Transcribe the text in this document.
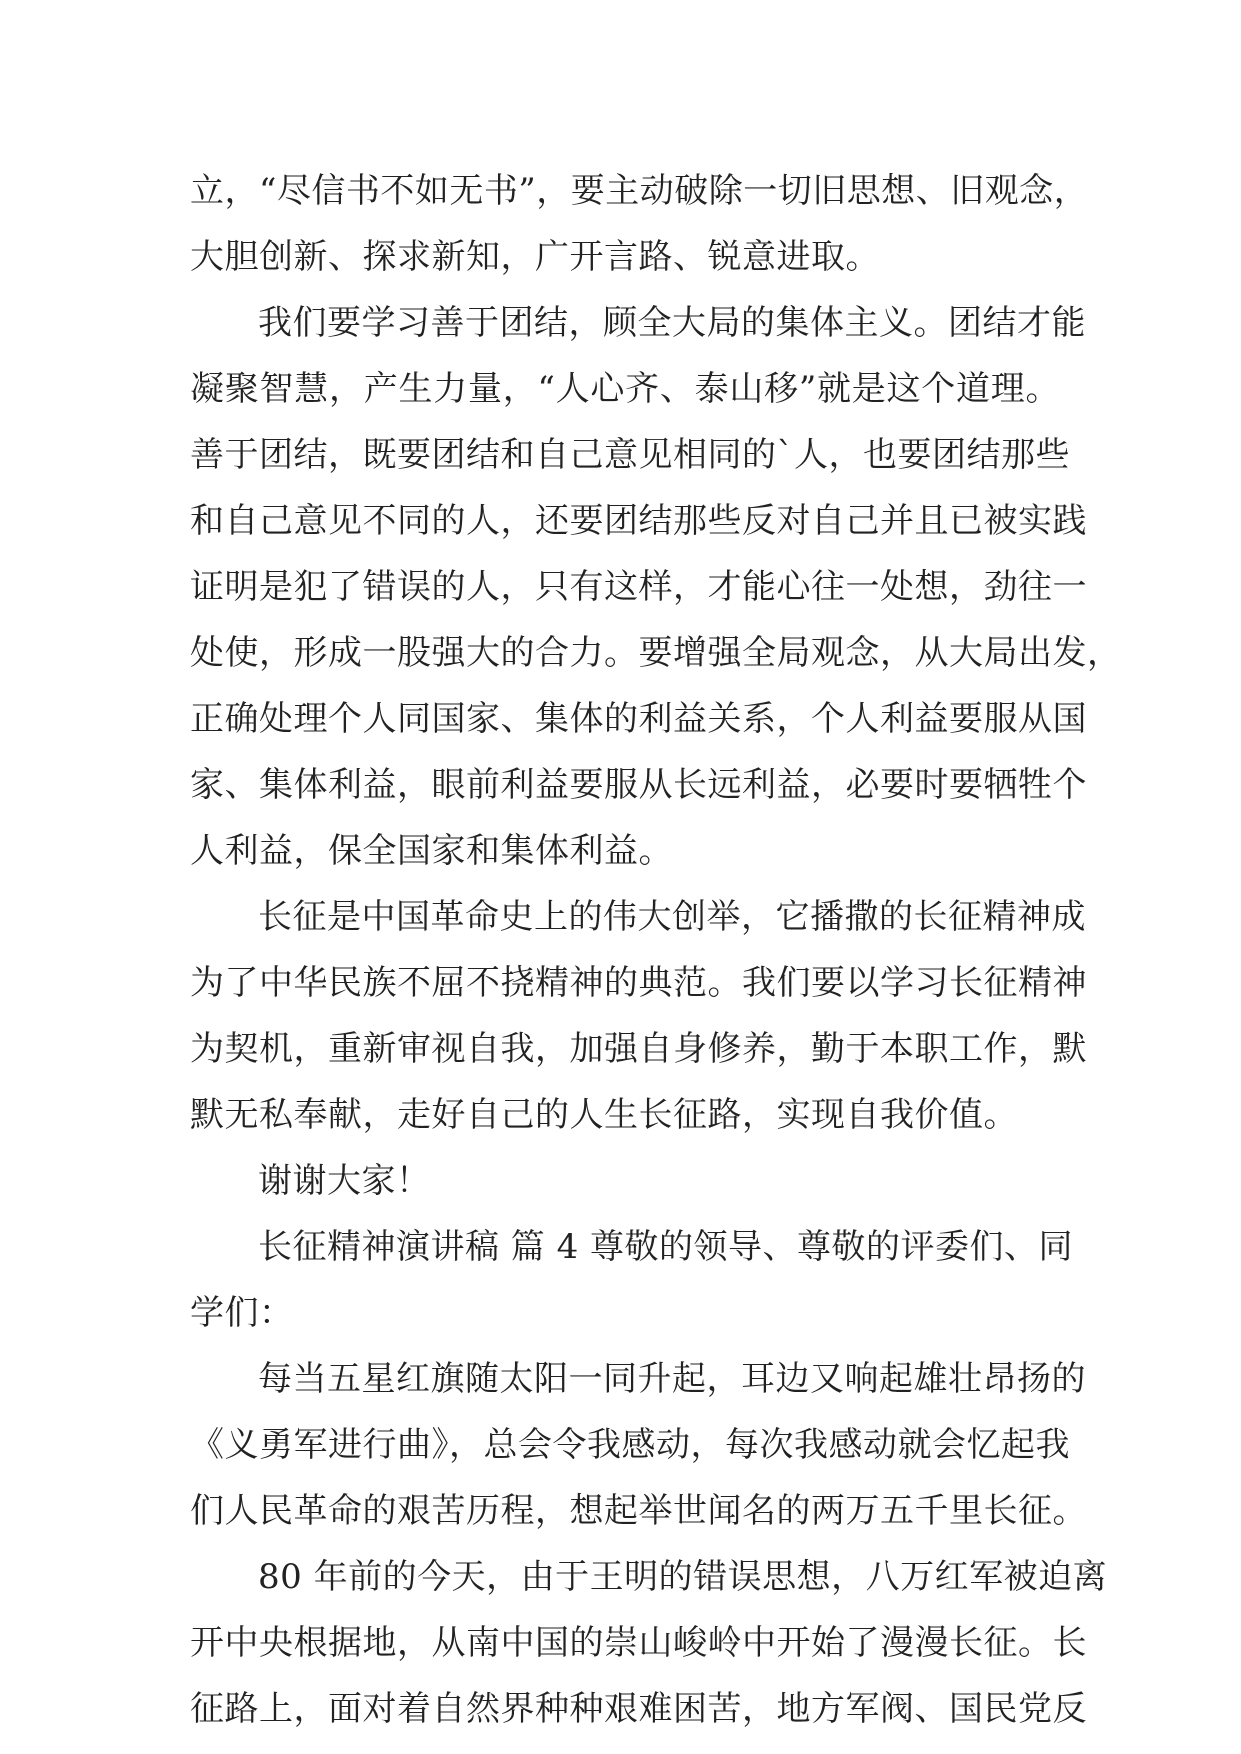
立，“尽信书不如无书”，要主动破除一切旧思想、旧观念，
大胆创新、探求新知，广开言路、锐意进取。
我们要学习善于团结，顾全大局的集体主义。团结才能
凝聚智慧，产生力量，“人心齐、泰山移”就是这个道理。
善于团结，既要团结和自己意见相同的`人，也要团结那些
和自己意见不同的人，还要团结那些反对自己并且已被实践
证明是犯了错误的人，只有这样，才能心往一处想，劲往一
处使，形成一股强大的合力。要增强全局观念，从大局出发，
正确处理个人同国家、集体的利益关系，个人利益要服从国
家、集体利益，眼前利益要服从长远利益，必要时要牺牲个
人利益，保全国家和集体利益。
长征是中国革命史上的伟大创举，它播撒的长征精神成
为了中华民族不屈不挠精神的典范。我们要以学习长征精神
为契机，重新审视自我，加强自身修养，勤于本职工作，默
默无私奉献，走好自己的人生长征路，实现自我价值。
谢谢大家！
长征精神演讲稿 篇 4 尊敬的领导、尊敬的评委们、同
学们：
每当五星红旗随太阳一同升起，耳边又响起雄壮昂扬的
《义勇军进行曲》，总会令我感动，每次我感动就会忆起我
们人民革命的艰苦历程，想起举世闻名的两万五千里长征。
80 年前的今天，由于王明的错误思想，八万红军被迫离
开中央根据地，从南中国的崇山峻岭中开始了漫漫长征。长
征路上，面对着自然界种种艰难困苦，地方军阀、国民党反
